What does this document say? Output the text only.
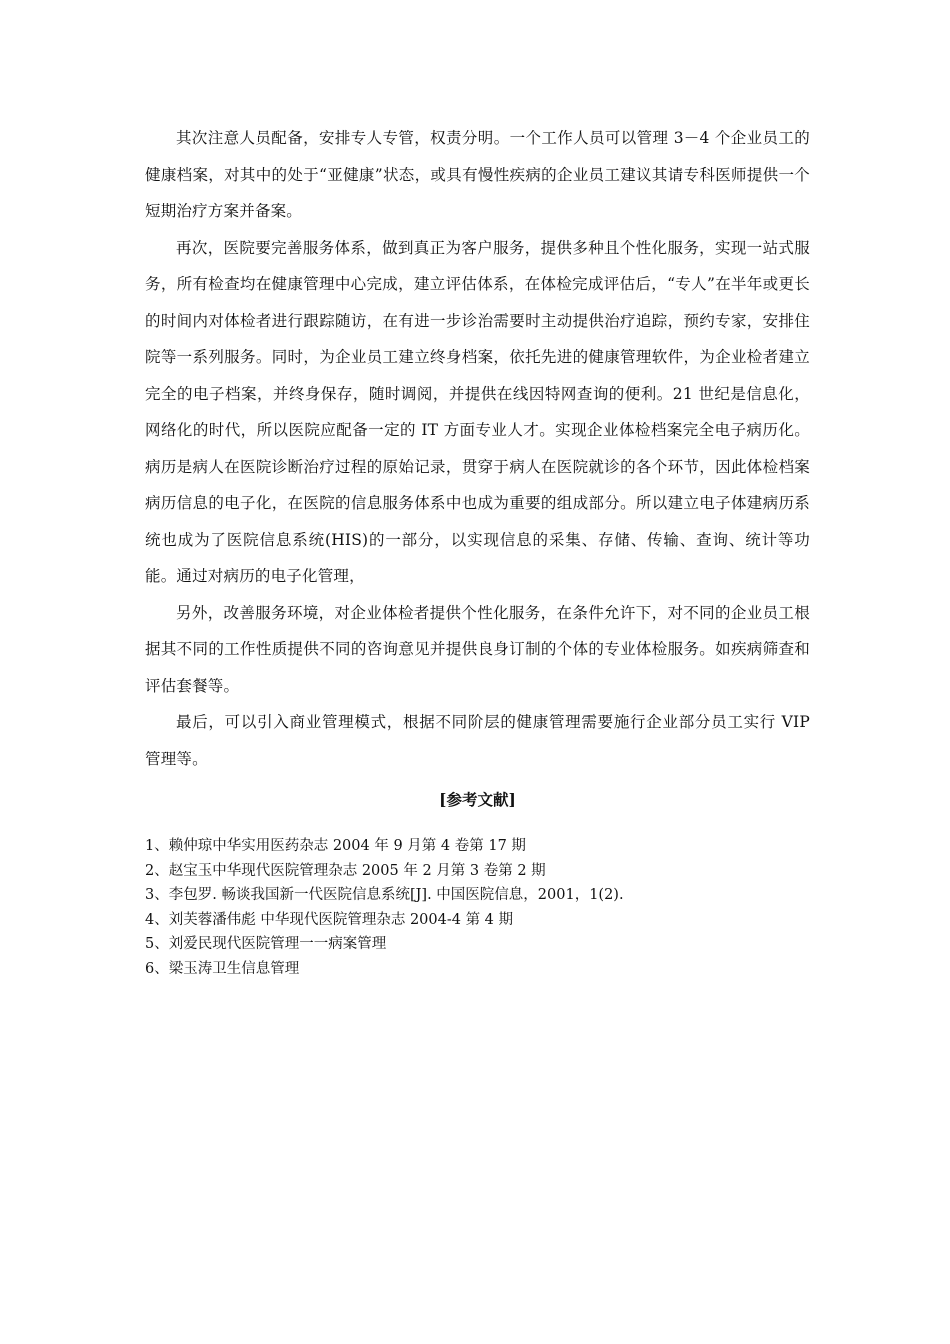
其次注意人员配备，安排专人专管，权责分明。一个工作人员可以管理 3－4 个企业员工的健康档案，对其中的处于“亚健康”状态，或具有慢性疾病的企业员工建议其请专科医师提供一个短期治疗方案并备案。

再次，医院要完善服务体系，做到真正为客户服务，提供多种且个性化服务，实现一站式服务，所有检查均在健康管理中心完成，建立评估体系，在体检完成评估后，“专人”在半年或更长的时间内对体检者进行跟踪随访，在有进一步诊治需要时主动提供治疗追踪，预约专家，安排住院等一系列服务。同时，为企业员工建立终身档案，依托先进的健康管理软件，为企业检者建立完全的电子档案，并终身保存，随时调阅，并提供在线因特网查询的便利。21 世纪是信息化，网络化的时代，所以医院应配备一定的 IT 方面专业人才。实现企业体检档案完全电子病历化。病历是病人在医院诊断治疗过程的原始记录，贯穿于病人在医院就诊的各个环节，因此体检档案病历信息的电子化，在医院的信息服务体系中也成为重要的组成部分。所以建立电子体建病历系统也成为了医院信息系统(HIS)的一部分，以实现信息的采集、存储、传输、查询、统计等功能。通过对病历的电子化管理，

另外，改善服务环境，对企业体检者提供个性化服务，在条件允许下，对不同的企业员工根据其不同的工作性质提供不同的咨询意见并提供良身订制的个体的专业体检服务。如疾病筛查和评估套餐等。

最后，可以引入商业管理模式，根据不同阶层的健康管理需要施行企业部分员工实行 VIP 管理等。

[参考文献]
1、赖仲琼中华实用医药杂志 2004 年 9 月第 4 卷第 17 期
2、赵宝玉中华现代医院管理杂志 2005 年 2 月第 3 卷第 2 期
3、李包罗. 畅谈我国新一代医院信息系统[J]. 中国医院信息，2001，1(2).
4、刘芙蓉潘伟彪 中华现代医院管理杂志 2004-4 第 4 期
5、刘爱民现代医院管理一一病案管理
6、梁玉涛卫生信息管理
